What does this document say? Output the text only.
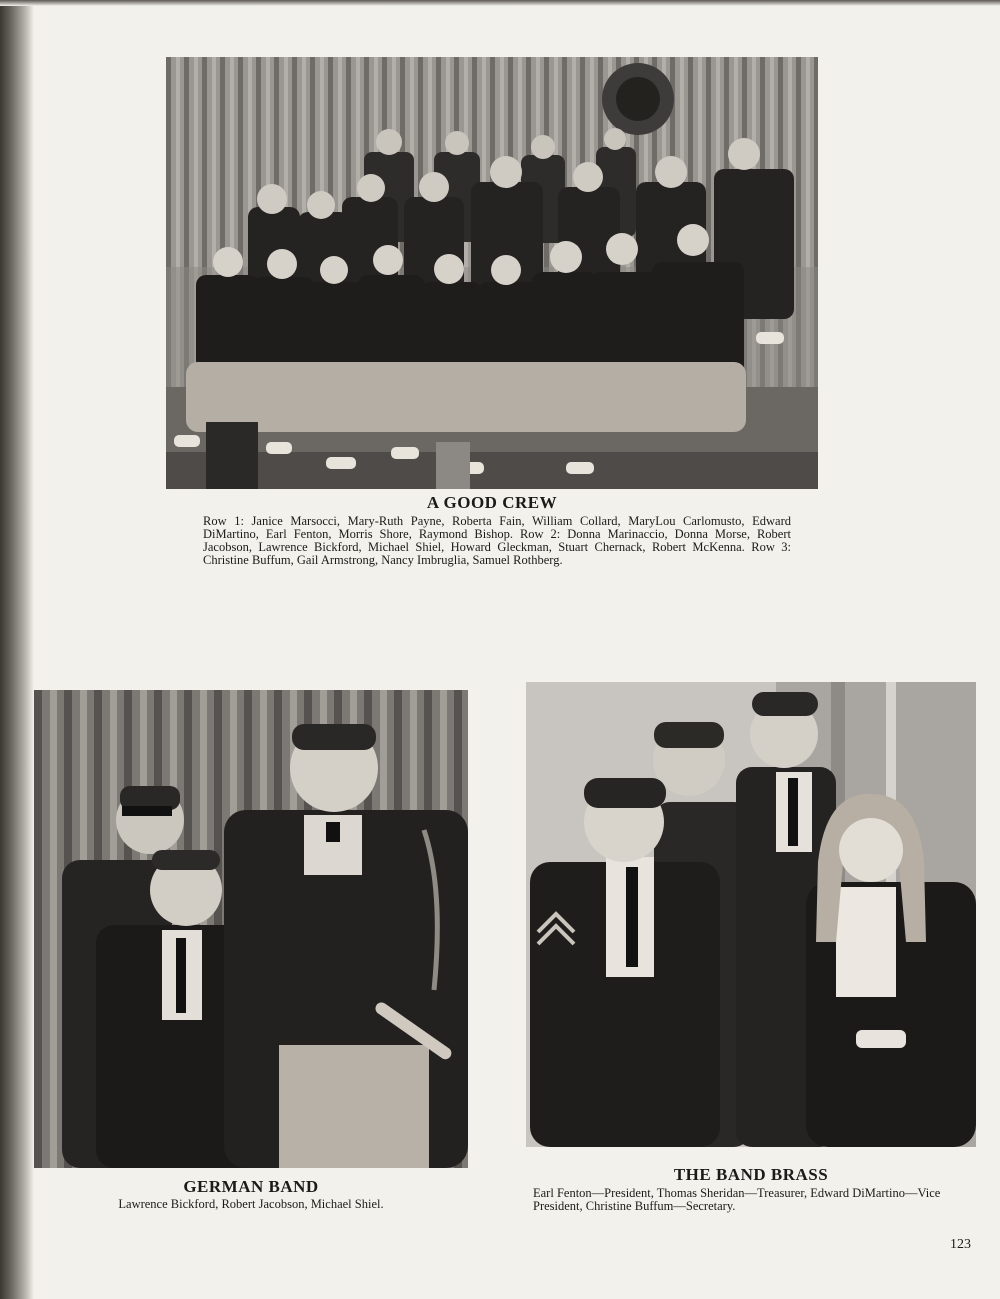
A GOOD CREW
Row 1: Janice Marsocci, Mary-Ruth Payne, Roberta Fain, William Collard, MaryLou Carlomusto, Edward DiMartino, Earl Fenton, Morris Shore, Raymond Bishop. Row 2: Donna Marinaccio, Donna Morse, Robert Jacobson, Lawrence Bickford, Michael Shiel, Howard Gleckman, Stuart Chernack, Robert McKenna. Row 3: Christine Buffum, Gail Armstrong, Nancy Imbruglia, Samuel Rothberg.
GERMAN BAND
Lawrence Bickford, Robert Jacobson, Michael Shiel.
THE BAND BRASS
Earl Fenton—President, Thomas Sheridan—Treasurer, Edward DiMartino—Vice President, Christine Buffum—Secretary.
123
